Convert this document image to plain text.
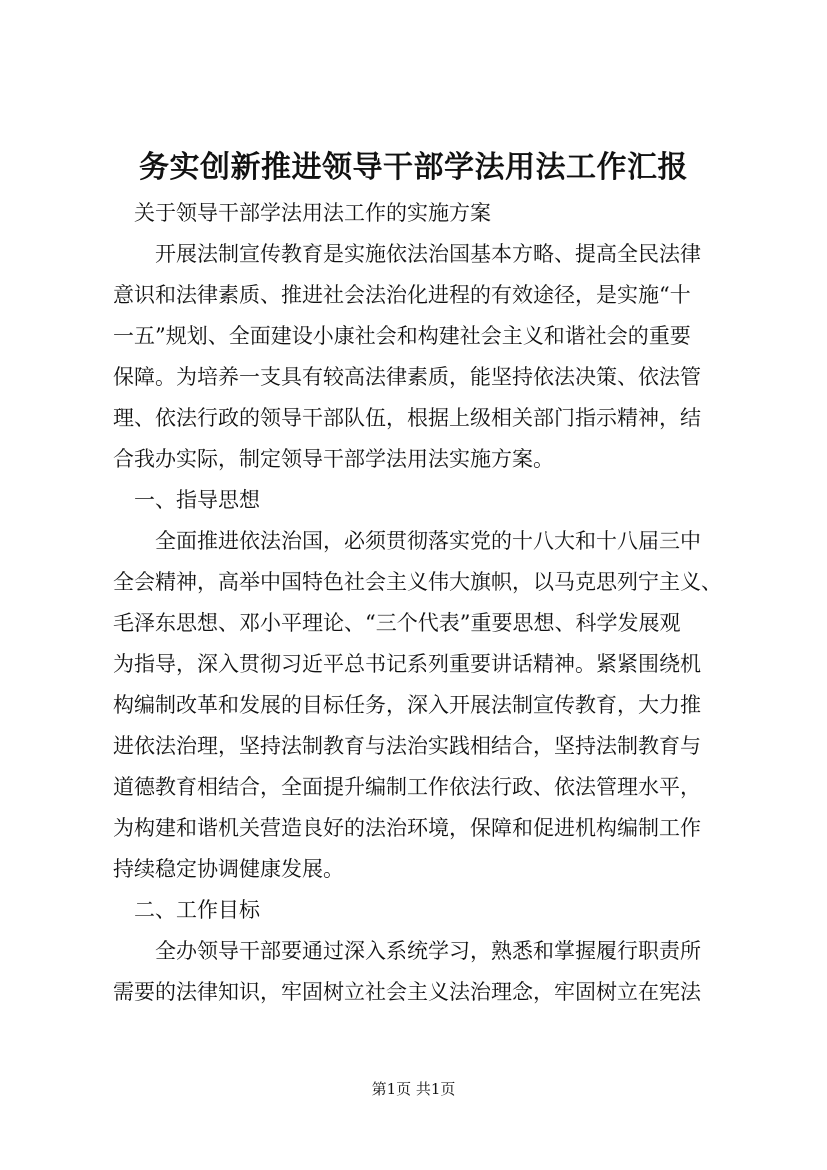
务实创新推进领导干部学法用法工作汇报
关于领导干部学法用法工作的实施方案
开展法制宣传教育是实施依法治国基本方略、提高全民法律
意识和法律素质、推进社会法治化进程的有效途径，是实施“十
一五”规划、全面建设小康社会和构建社会主义和谐社会的重要
保障。为培养一支具有较高法律素质，能坚持依法决策、依法管
理、依法行政的领导干部队伍，根据上级相关部门指示精神，结
合我办实际，制定领导干部学法用法实施方案。
一、指导思想
全面推进依法治国，必须贯彻落实党的十八大和十八届三中
全会精神，高举中国特色社会主义伟大旗帜，以马克思列宁主义、
毛泽东思想、邓小平理论、“三个代表”重要思想、科学发展观
为指导，深入贯彻习近平总书记系列重要讲话精神。紧紧围绕机
构编制改革和发展的目标任务，深入开展法制宣传教育，大力推
进依法治理，坚持法制教育与法治实践相结合，坚持法制教育与
道德教育相结合，全面提升编制工作依法行政、依法管理水平，
为构建和谐机关营造良好的法治环境，保障和促进机构编制工作
持续稳定协调健康发展。
二、工作目标
全办领导干部要通过深入系统学习，熟悉和掌握履行职责所
需要的法律知识，牢固树立社会主义法治理念，牢固树立在宪法
第1页 共1页
